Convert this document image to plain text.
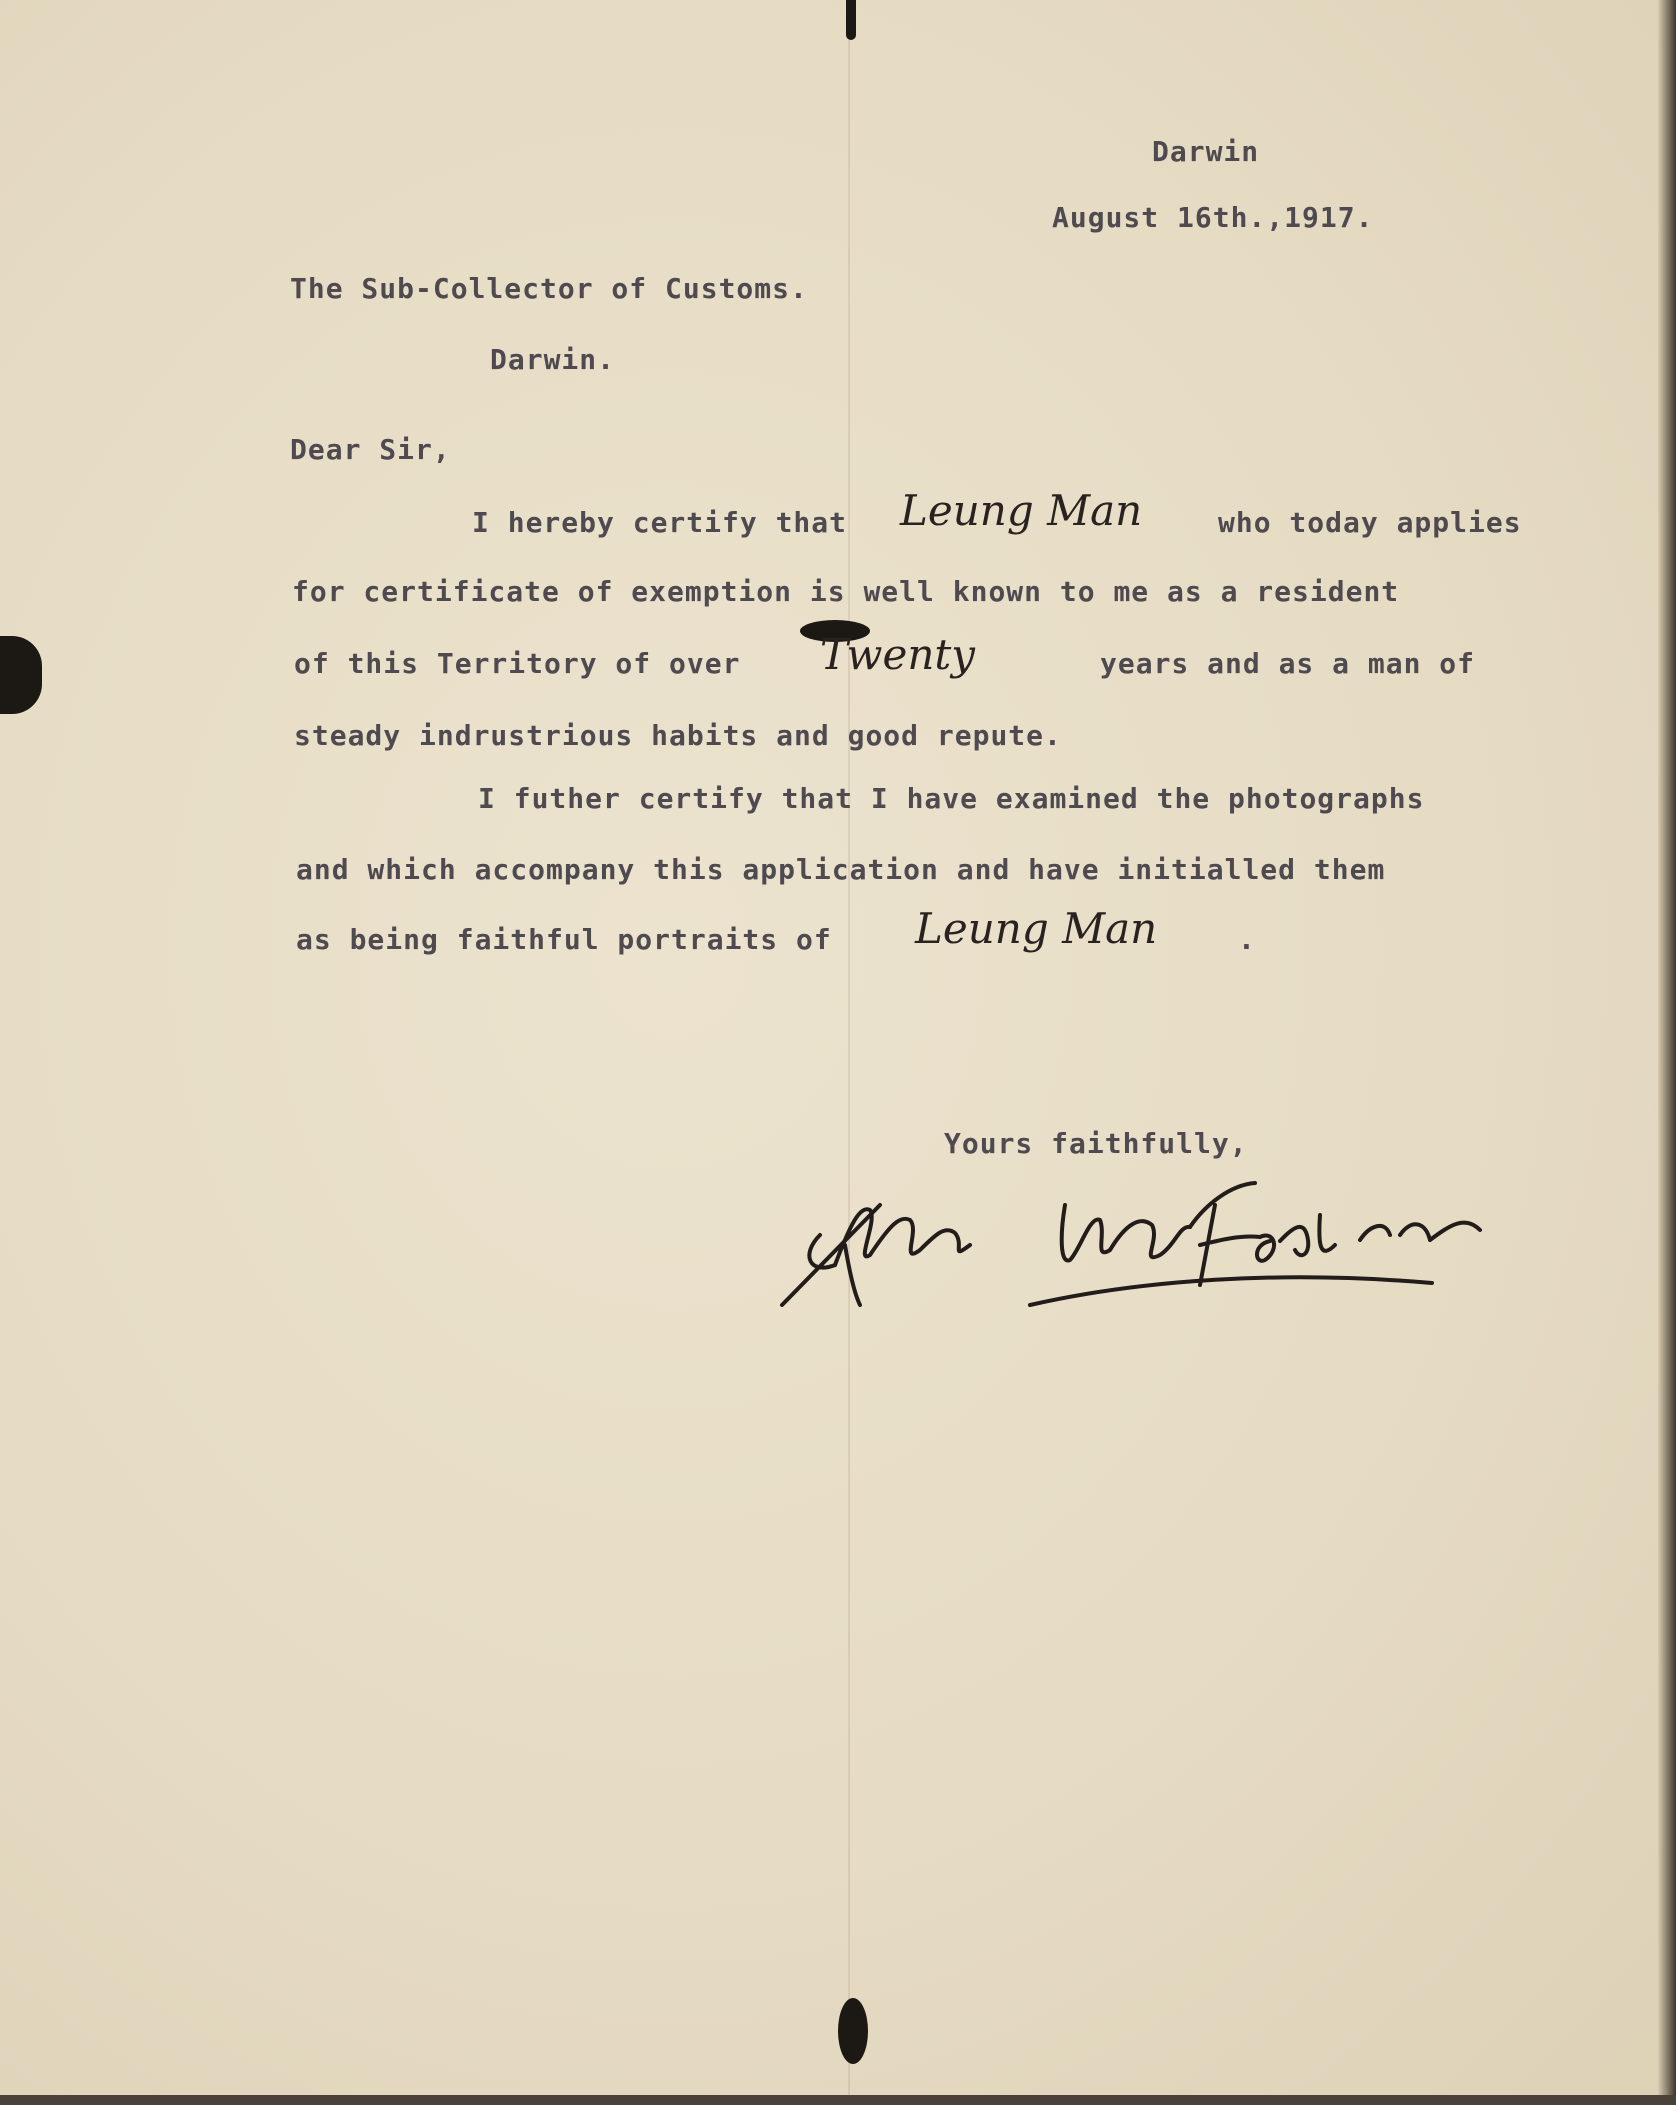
Darwin
August 16th.,1917.
The Sub-Collector of Customs.
Darwin.
Dear Sir,
I hereby certify that Leung Man	who today applies
for certificate of exemption is well known to me as a resident
of this Territory of over Twenty	years and as a man of
steady indrustrious habits and good repute.
I futher certify that I have examined the photographs
and which accompany this application and have initialled them
as being faithful portraits of Leung Man	.
Yours faithfully,
